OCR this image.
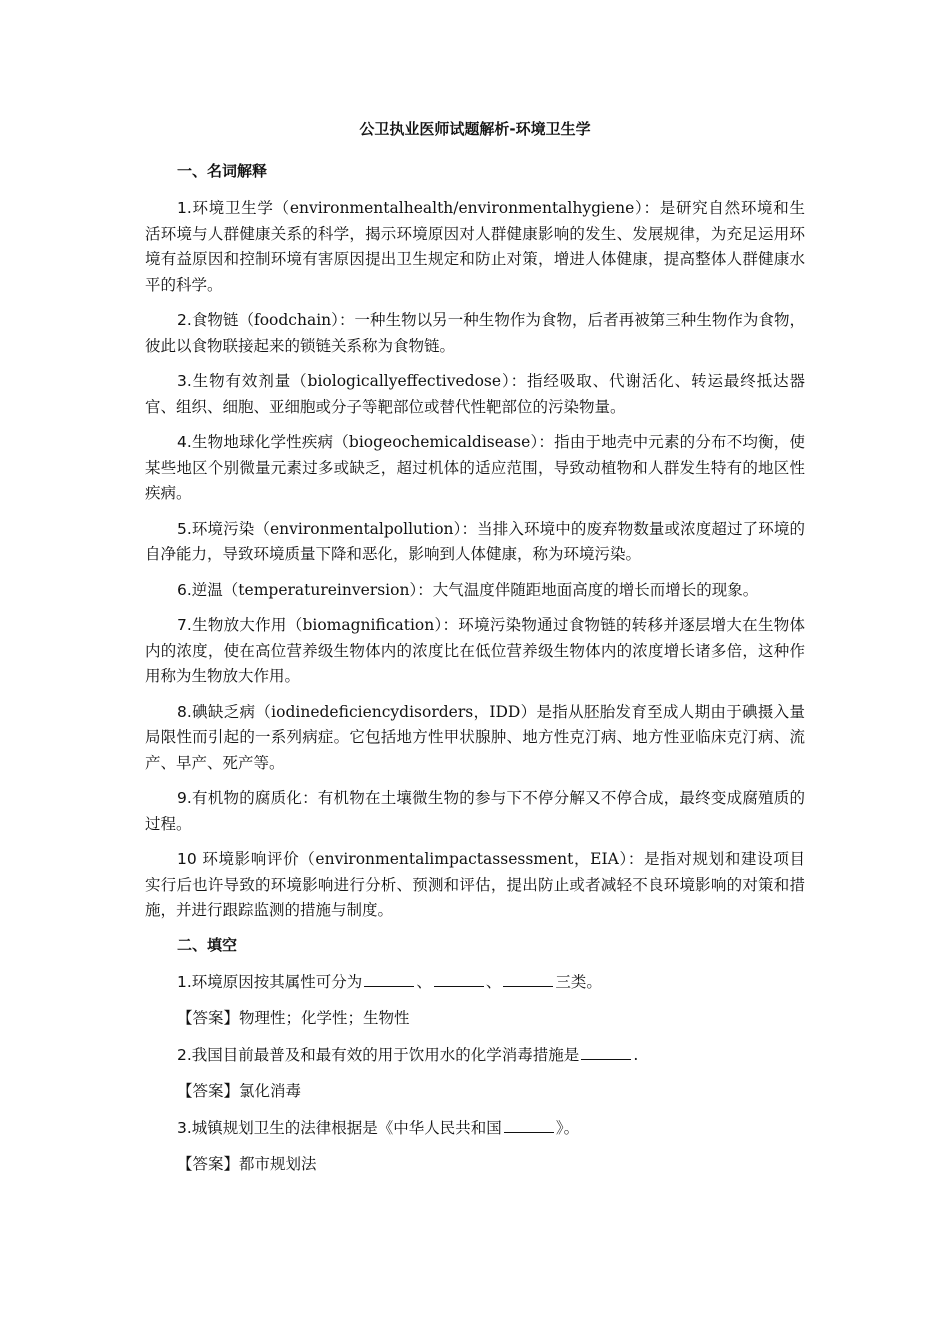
公卫执业医师试题解析-环境卫生学
一、名词解释
1.环境卫生学（environmentalhealth/environmentalhygiene）：是研究自然环境和生活环境与人群健康关系的科学，揭示环境原因对人群健康影响的发生、发展规律，为充足运用环境有益原因和控制环境有害原因提出卫生规定和防止对策，增进人体健康，提高整体人群健康水平的科学。
2.食物链（foodchain）：一种生物以另一种生物作为食物，后者再被第三种生物作为食物，彼此以食物联接起来的锁链关系称为食物链。
3.生物有效剂量（biologicallyeffectivedose）：指经吸取、代谢活化、转运最终抵达器官、组织、细胞、亚细胞或分子等靶部位或替代性靶部位的污染物量。
4.生物地球化学性疾病（biogeochemicaldisease）：指由于地壳中元素的分布不均衡，使某些地区个别微量元素过多或缺乏，超过机体的适应范围，导致动植物和人群发生特有的地区性疾病。
5.环境污染（environmentalpollution）：当排入环境中的废弃物数量或浓度超过了环境的自净能力，导致环境质量下降和恶化，影响到人体健康，称为环境污染。
6.逆温（temperatureinversion）：大气温度伴随距地面高度的增长而增长的现象。
7.生物放大作用（biomagnification）：环境污染物通过食物链的转移并逐层增大在生物体内的浓度，使在高位营养级生物体内的浓度比在低位营养级生物体内的浓度增长诸多倍，这种作用称为生物放大作用。
8.碘缺乏病（iodinedeficiencydisorders，IDD）是指从胚胎发育至成人期由于碘摄入量局限性而引起的一系列病症。它包括地方性甲状腺肿、地方性克汀病、地方性亚临床克汀病、流产、早产、死产等。
9.有机物的腐质化：有机物在土壤微生物的参与下不停分解又不停合成，最终变成腐殖质的过程。
10 环境影响评价（environmentalimpactassessment，EIA）：是指对规划和建设项目实行后也许导致的环境影响进行分析、预测和评估，提出防止或者减轻不良环境影响的对策和措施，并进行跟踪监测的措施与制度。
二、填空
1.环境原因按其属性可分为	、	、	三类。
【答案】物理性；化学性；生物性
2.我国目前最普及和最有效的用于饮用水的化学消毒措施是	.
【答案】氯化消毒
3.城镇规划卫生的法律根据是《中华人民共和国	》。
【答案】都市规划法
